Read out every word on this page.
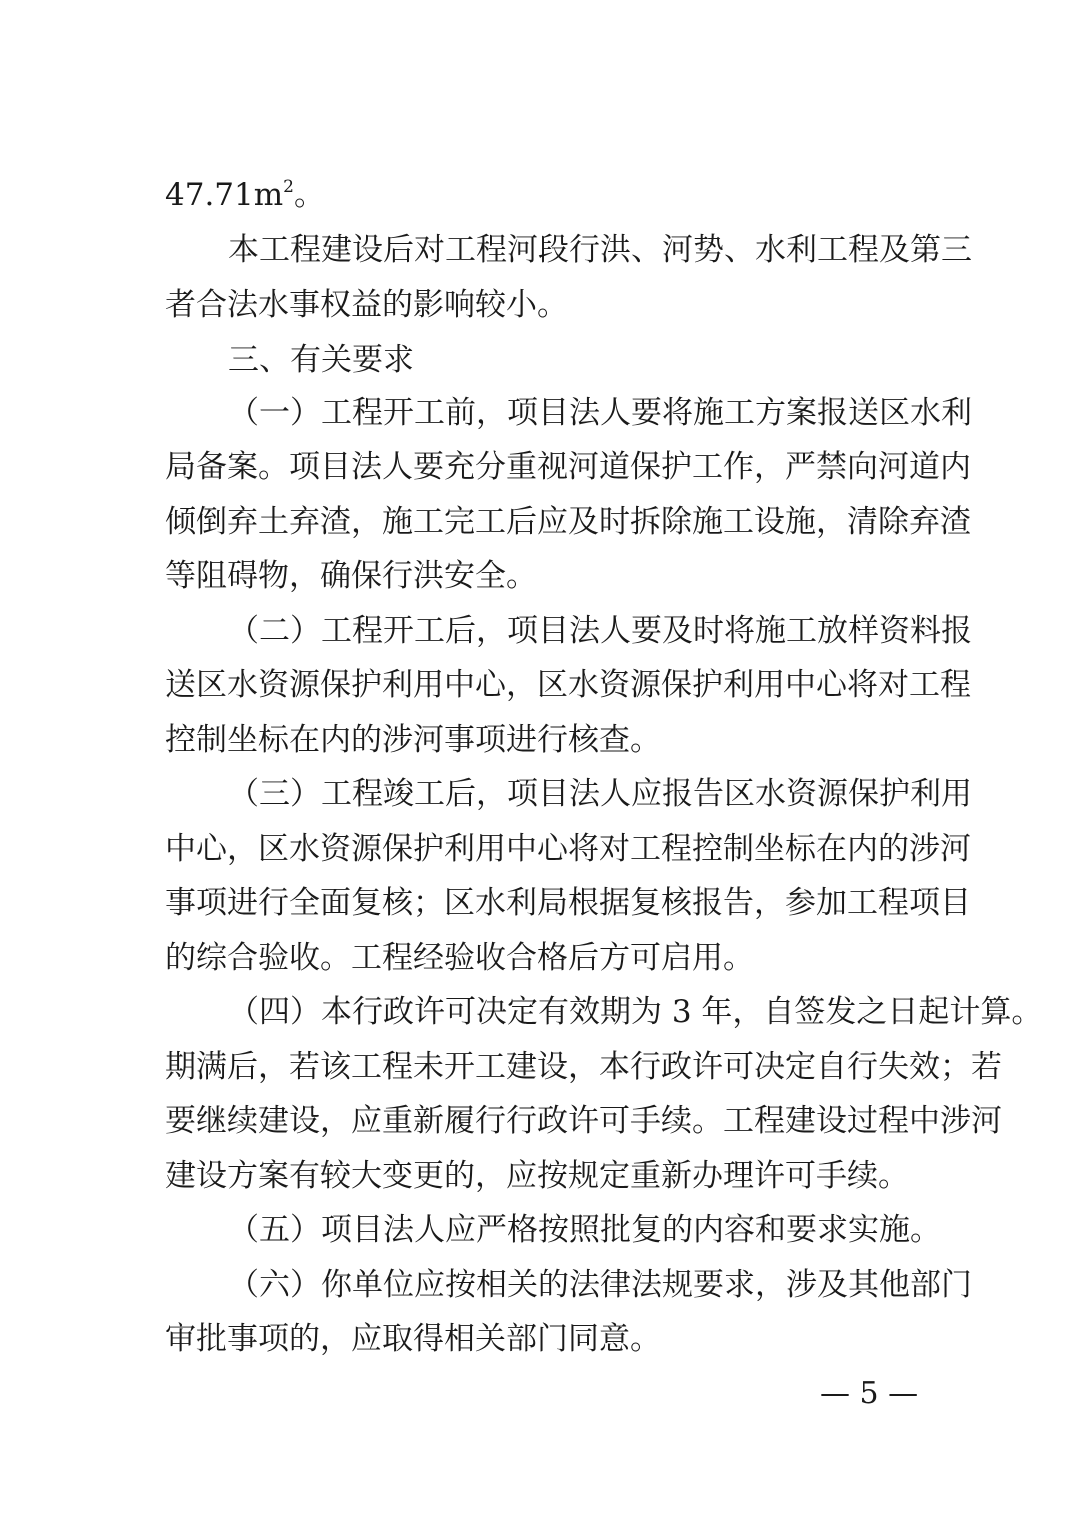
$47.71m^2$。
本工程建设后对工程河段行洪、河势、水利工程及第三
者合法水事权益的影响较小。
三、有关要求
（一）工程开工前，项目法人要将施工方案报送区水利
局备案。项目法人要充分重视河道保护工作，严禁向河道内
倾倒弃土弃渣，施工完工后应及时拆除施工设施，清除弃渣
等阻碍物，确保行洪安全。
（二）工程开工后，项目法人要及时将施工放样资料报
送区水资源保护利用中心，区水资源保护利用中心将对工程
控制坐标在内的涉河事项进行核查。
（三）工程竣工后，项目法人应报告区水资源保护利用
中心，区水资源保护利用中心将对工程控制坐标在内的涉河
事项进行全面复核；区水利局根据复核报告，参加工程项目
的综合验收。工程经验收合格后方可启用。
（四）本行政许可决定有效期为 3 年，自签发之日起计算。
期满后，若该工程未开工建设，本行政许可决定自行失效；若
要继续建设，应重新履行行政许可手续。工程建设过程中涉河
建设方案有较大变更的，应按规定重新办理许可手续。
（五）项目法人应严格按照批复的内容和要求实施。
（六）你单位应按相关的法律法规要求，涉及其他部门
审批事项的，应取得相关部门同意。
— 5 —
